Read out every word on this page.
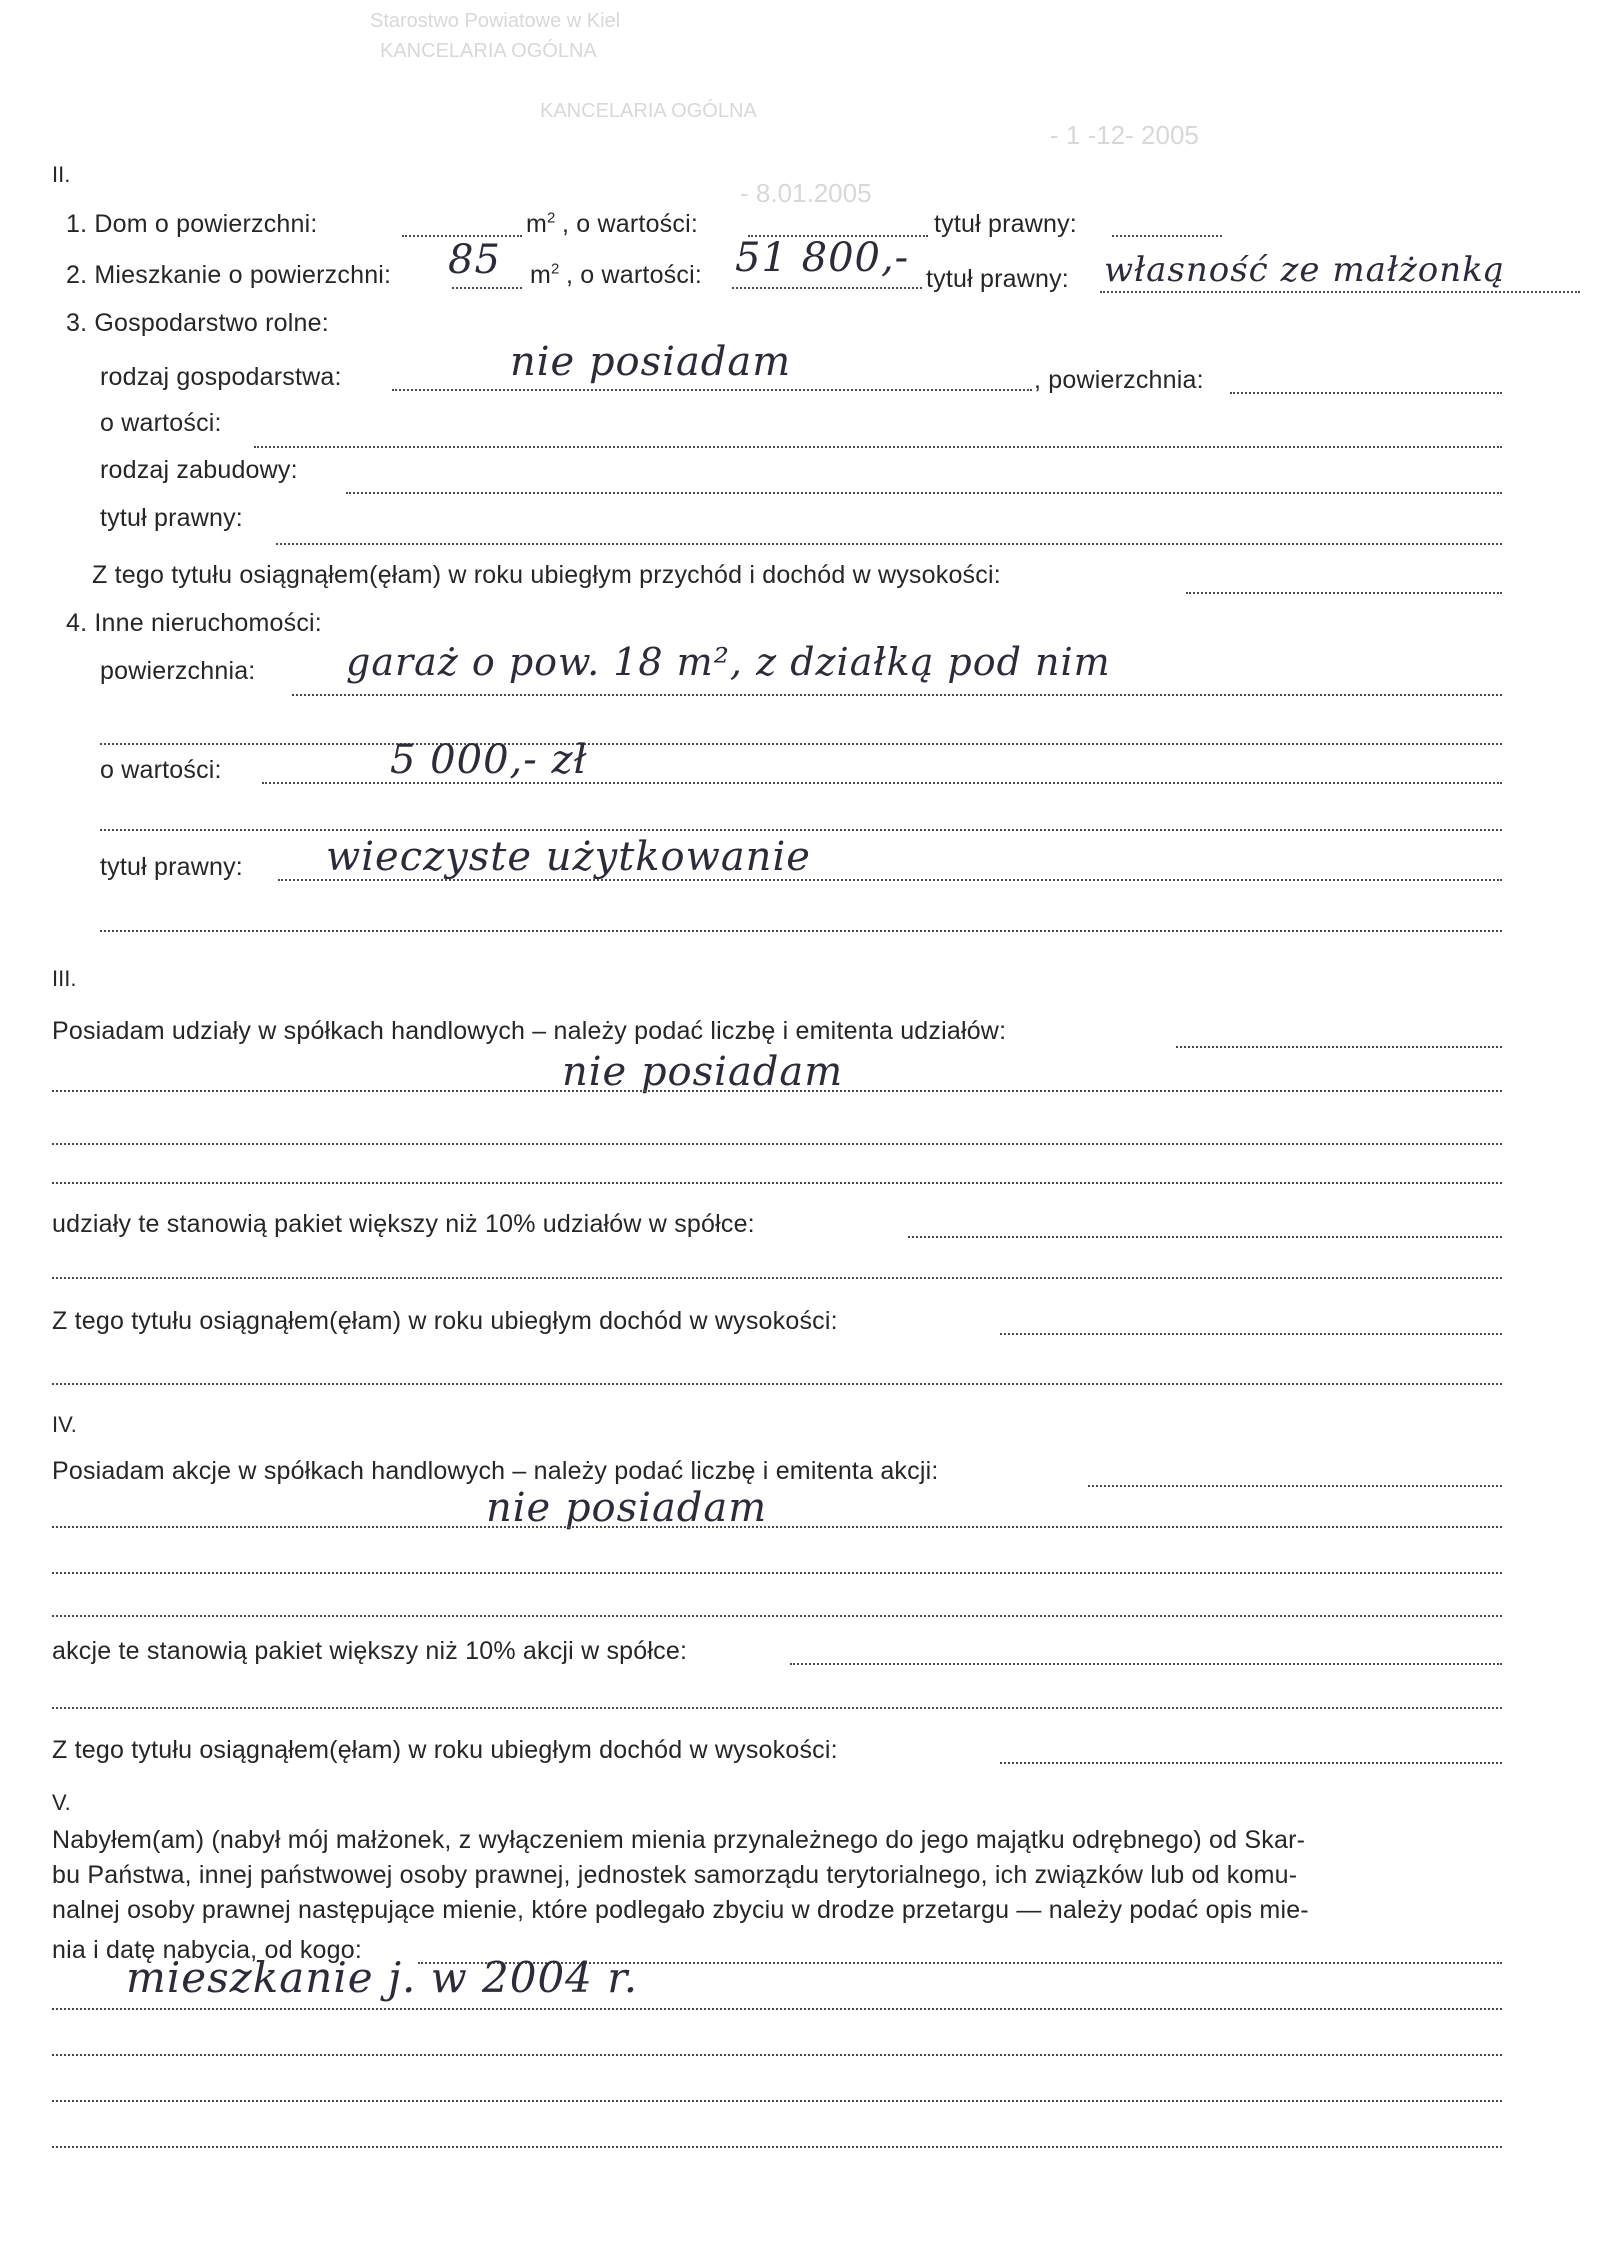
Starostwo Powiatowe w Kiel
KANCELARIA OGÓLNA
KANCELARIA OGÓLNA
- 1 -12- 2005
- 8.01.2005
II.
1. Dom o powierzchni:	$m^2$ , o wartości:	tytuł prawny:
2. Mieszkanie o powierzchni: 85 $m^2$ , o wartości: 51 800,- tytuł prawny: własność ze małżonką
3. Gospodarstwo rolne:
rodzaj gospodarstwa:	nie posiadam	, powierzchnia:
o wartości:
rodzaj zabudowy:
tytuł prawny:
Z tego tytułu osiągnąłem(ęłam) w roku ubiegłym przychód i dochód w wysokości:
4. Inne nieruchomości:
powierzchnia: garaż o pow. 18 m², z działką pod nim
o wartości:	5 000,- zł
tytuł prawny: wieczyste użytkowanie
III.
Posiadam udziały w spółkach handlowych – należy podać liczbę i emitenta udziałów:
nie posiadam
udziały te stanowią pakiet większy niż 10% udziałów w spółce:
Z tego tytułu osiągnąłem(ęłam) w roku ubiegłym dochód w wysokości:
IV.
Posiadam akcje w spółkach handlowych – należy podać liczbę i emitenta akcji:
nie posiadam
akcje te stanowią pakiet większy niż 10% akcji w spółce:
Z tego tytułu osiągnąłem(ęłam) w roku ubiegłym dochód w wysokości:
V.
Nabyłem(am) (nabył mój małżonek, z wyłączeniem mienia przynależnego do jego majątku odrębnego) od Skar-
bu Państwa, innej państwowej osoby prawnej, jednostek samorządu terytorialnego, ich związków lub od komu-
nalnej osoby prawnej następujące mienie, które podlegało zbyciu w drodze przetargu — należy podać opis mie-
nia i datę nabycia, od kogo:
mieszkanie j. w 2004 r.
